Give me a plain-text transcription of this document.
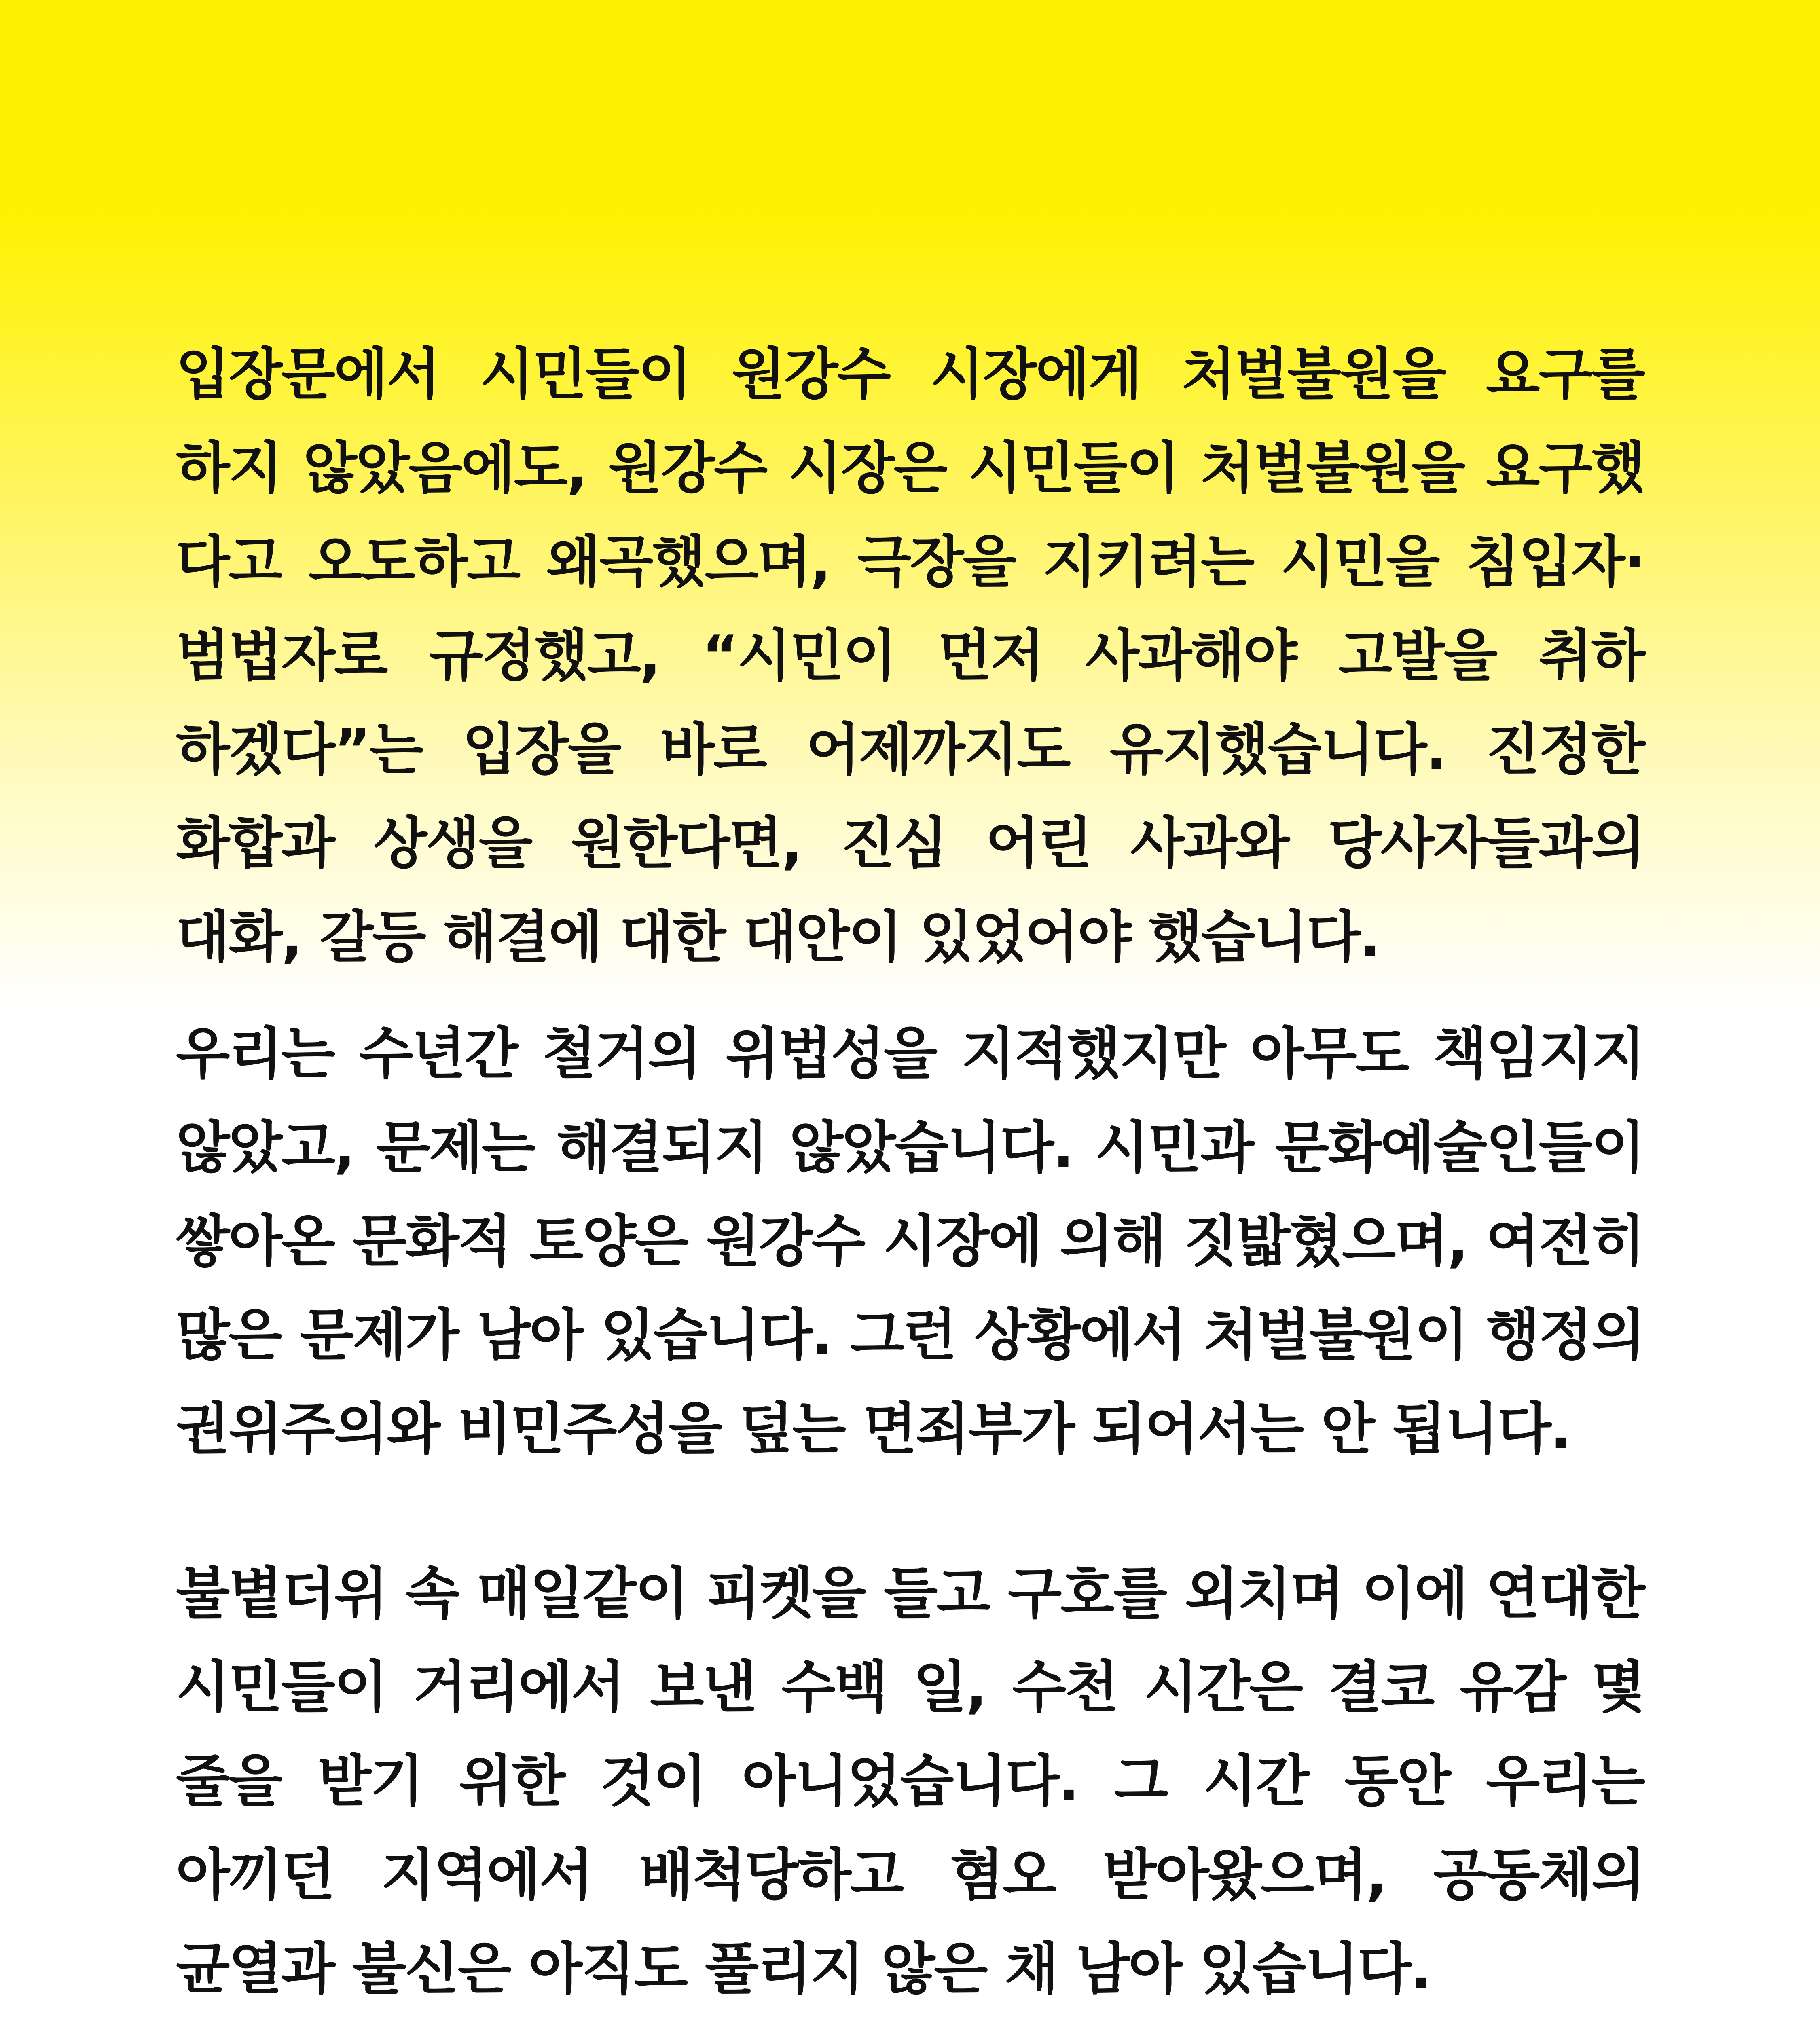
입장문에서 시민들이 원강수 시장에게 처벌불원을 요구를
하지 않았음에도, 원강수 시장은 시민들이 처벌불원을 요구했
다고 오도하고 왜곡했으며, 극장을 지키려는 시민을 침입자·
범법자로 규정했고, “시민이 먼저 사과해야 고발을 취하
하겠다”는 입장을 바로 어제까지도 유지했습니다. 진정한
화합과 상생을 원한다면, 진심 어린 사과와 당사자들과의
대화, 갈등 해결에 대한 대안이 있었어야 했습니다.
우리는 수년간 철거의 위법성을 지적했지만 아무도 책임지지
않았고, 문제는 해결되지 않았습니다. 시민과 문화예술인들이
쌓아온 문화적 토양은 원강수 시장에 의해 짓밟혔으며, 여전히
많은 문제가 남아 있습니다. 그런 상황에서 처벌불원이 행정의
권위주의와 비민주성을 덮는 면죄부가 되어서는 안 됩니다.
불볕더위 속 매일같이 피켓을 들고 구호를 외치며 이에 연대한
시민들이 거리에서 보낸 수백 일, 수천 시간은 결코 유감 몇
줄을 받기 위한 것이 아니었습니다. 그 시간 동안 우리는
아끼던 지역에서 배척당하고 혐오 받아왔으며, 공동체의
균열과 불신은 아직도 풀리지 않은 채 남아 있습니다.
